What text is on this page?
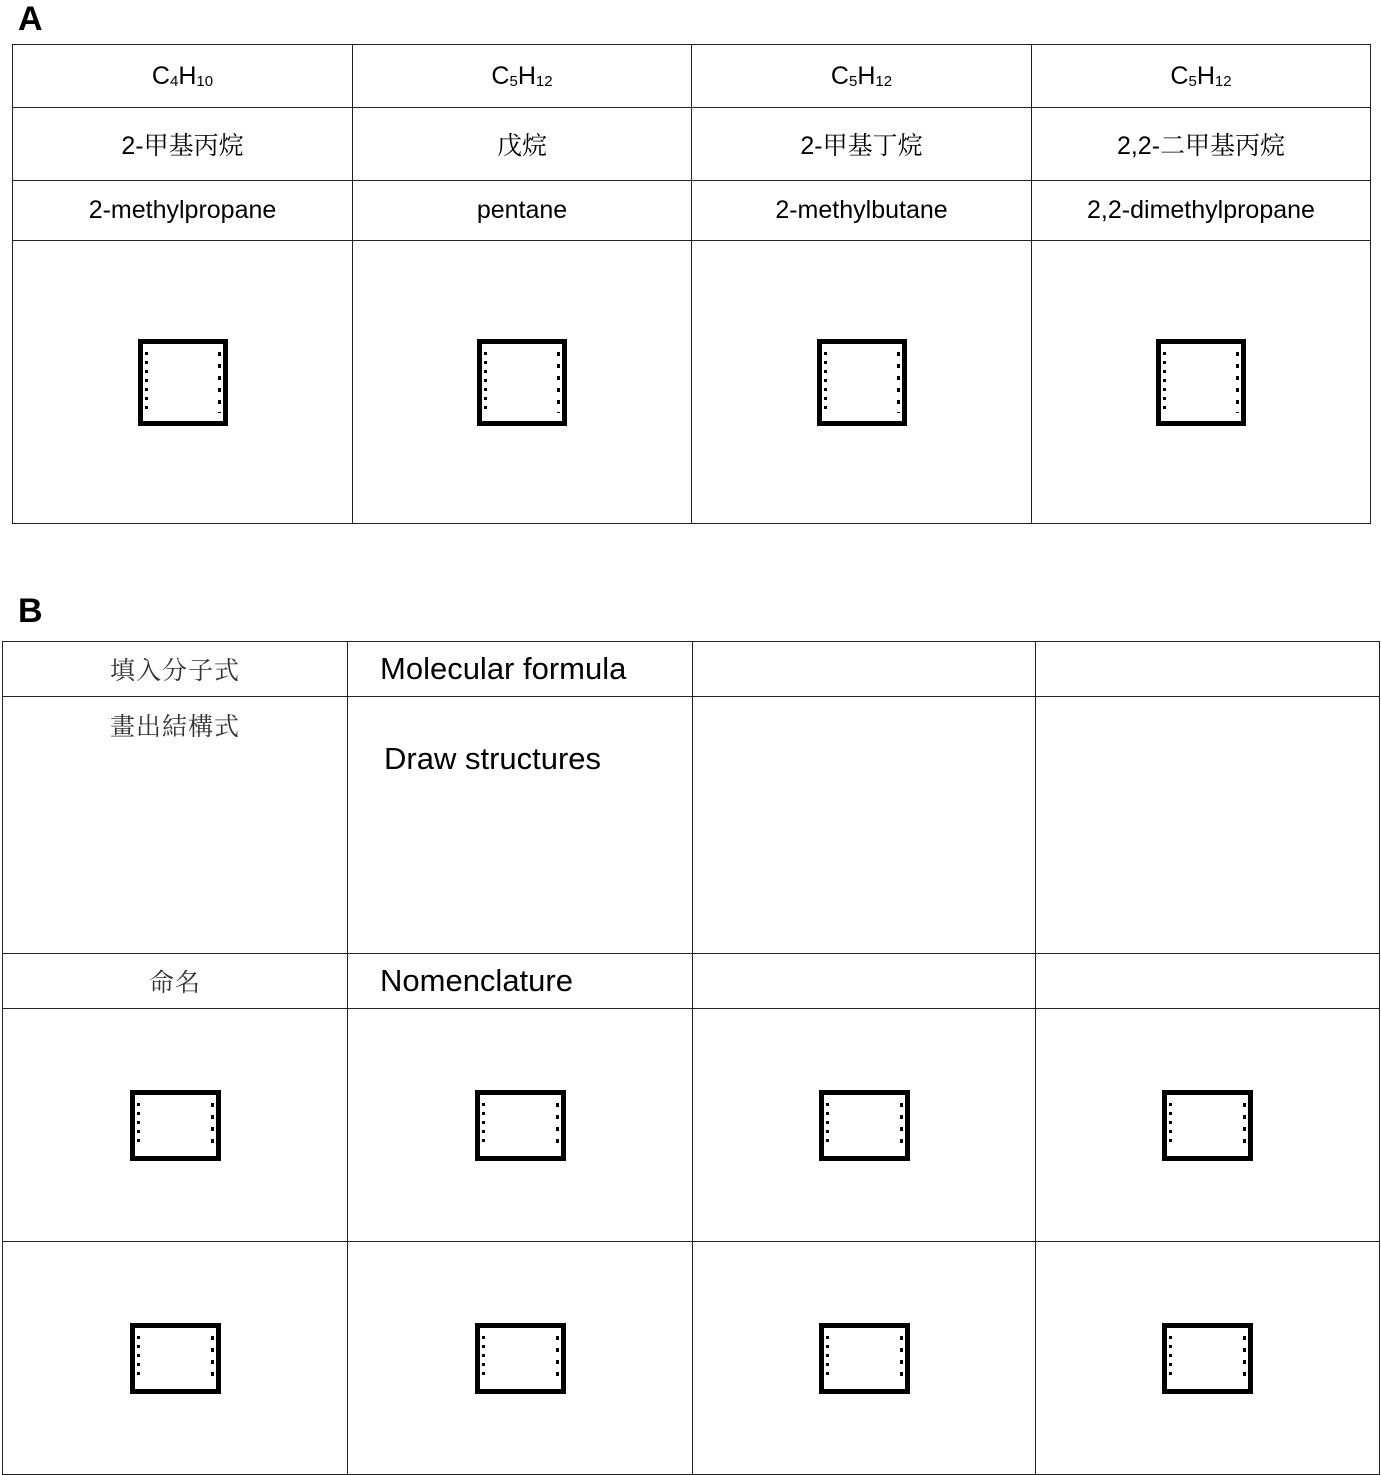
A
$C_4H_{10}$	$C_5H_{12}$	$C_5H_{12}$	$C_5H_{12}$
2-甲基丙烷	戊烷	2-甲基丁烷	2,2-二甲基丙烷
2-methylpropane	pentane	2-methylbutane	2,2-dimethylpropane

B
填入分子式	Molecular formula		
畫出結構式	Draw structures		
命名	Nomenclature		
